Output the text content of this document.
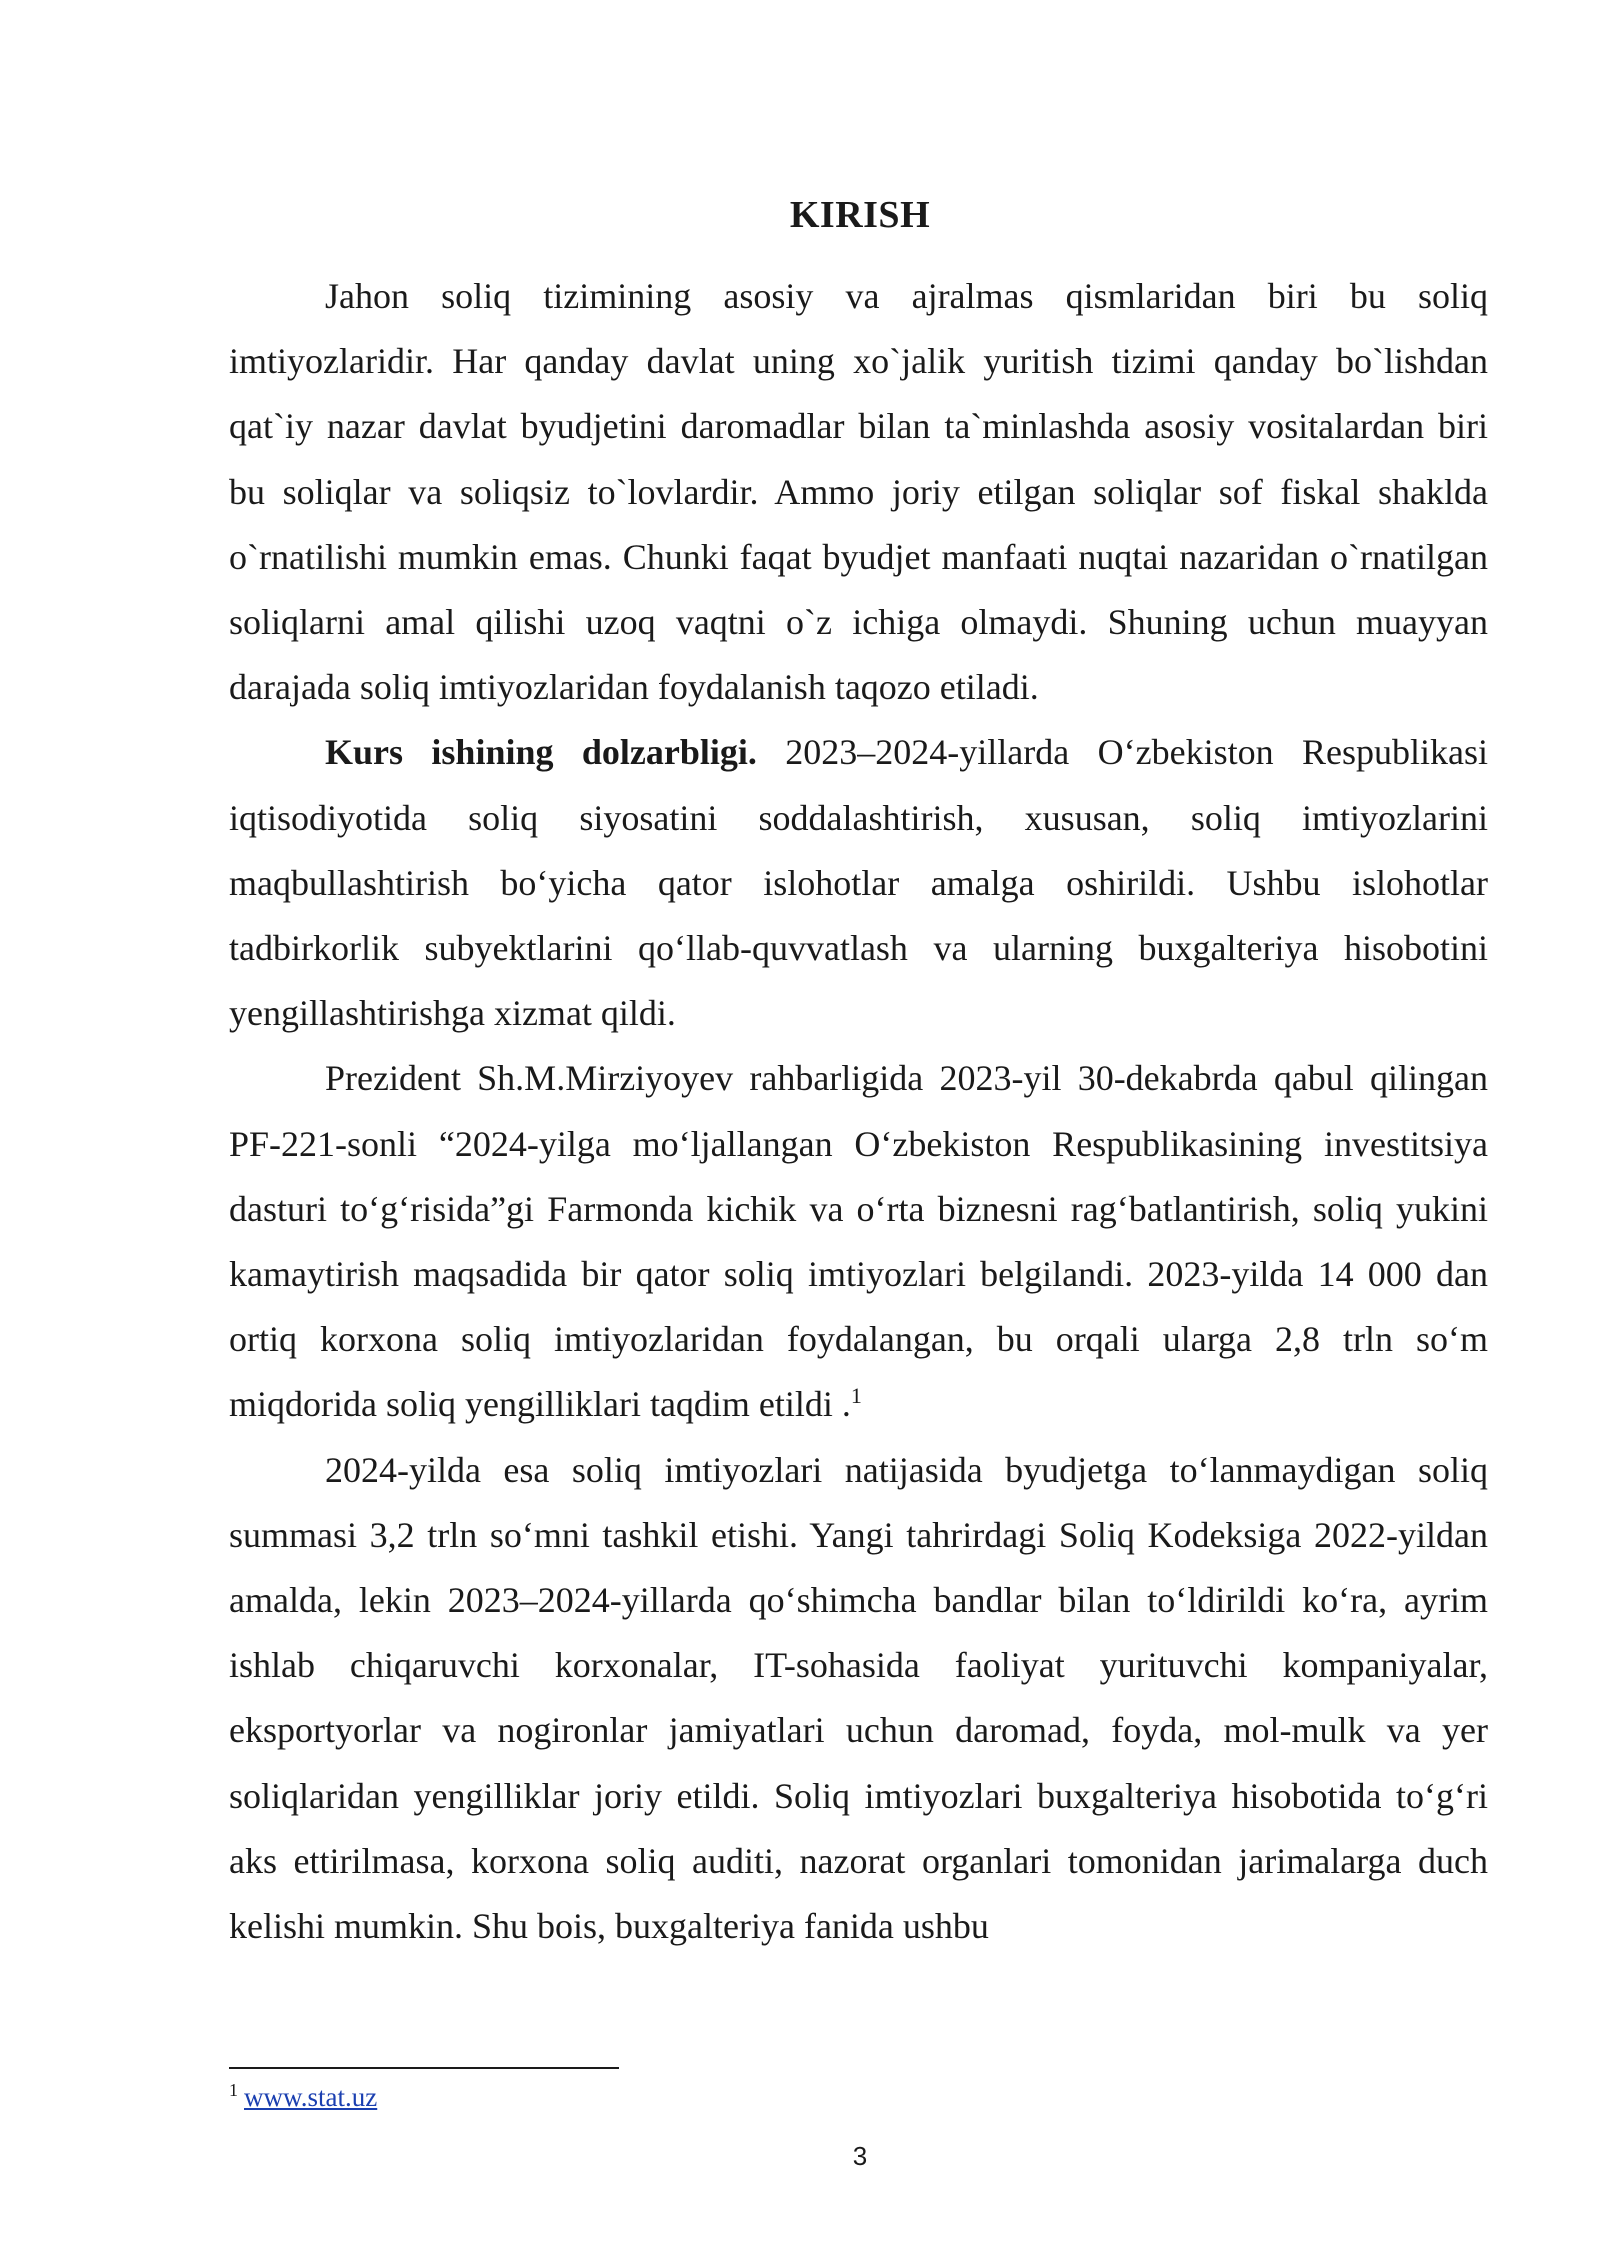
KIRISH

Jahon soliq tizimining asosiy va ajralmas qismlaridan biri bu soliq imtiyozlaridir. Har qanday davlat uning xo`jalik yuritish tizimi qanday bo`lishdan qat`iy nazar davlat byudjetini daromadlar bilan ta`minlashda asosiy vositalardan biri bu soliqlar va soliqsiz to`lovlardir. Ammo joriy etilgan soliqlar sof fiskal shaklda o`rnatilishi mumkin emas. Chunki faqat byudjet manfaati nuqtai nazaridan o`rnatilgan soliqlarni amal qilishi uzoq vaqtni o`z ichiga olmaydi. Shuning uchun muayyan darajada soliq imtiyozlaridan foydalanish taqozo etiladi.

Kurs ishining dolzarbligi. 2023–2024-yillarda O‘zbekiston Respublikasi iqtisodiyotida soliq siyosatini soddalashtirish, xususan, soliq imtiyozlarini maqbullashtirish bo‘yicha qator islohotlar amalga oshirildi. Ushbu islohotlar tadbirkorlik subyektlarini qo‘llab-quvvatlash va ularning buxgalteriya hisobotini yengillashtirishga xizmat qildi.

Prezident Sh.M.Mirziyoyev rahbarligida 2023-yil 30-dekabrda qabul qilingan PF-221-sonli “2024-yilga mo‘ljallangan O‘zbekiston Respublikasining investitsiya dasturi to‘g‘risida”gi Farmonda kichik va o‘rta biznesni rag‘batlantirish, soliq yukini kamaytirish maqsadida bir qator soliq imtiyozlari belgilandi. 2023-yilda 14 000 dan ortiq korxona soliq imtiyozlaridan foydalangan, bu orqali ularga 2,8 trln so‘m miqdorida soliq yengilliklari taqdim etildi .$^1$

2024-yilda esa soliq imtiyozlari natijasida byudjetga to‘lanmaydigan soliq summasi 3,2 trln so‘mni tashkil etishi. Yangi tahrirdagi Soliq Kodeksiga 2022-yildan amalda, lekin 2023–2024-yillarda qo‘shimcha bandlar bilan to‘ldirildi ko‘ra, ayrim ishlab chiqaruvchi korxonalar, IT-sohasida faoliyat yurituvchi kompaniyalar, eksportyorlar va nogironlar jamiyatlari uchun daromad, foyda, mol-mulk va yer soliqlaridan yengilliklar joriy etildi. Soliq imtiyozlari buxgalteriya hisobotida to‘g‘ri aks ettirilmasa, korxona soliq auditi, nazorat organlari tomonidan jarimalarga duch kelishi mumkin. Shu bois, buxgalteriya fanida ushbu

$^1$ www.stat.uz
3
